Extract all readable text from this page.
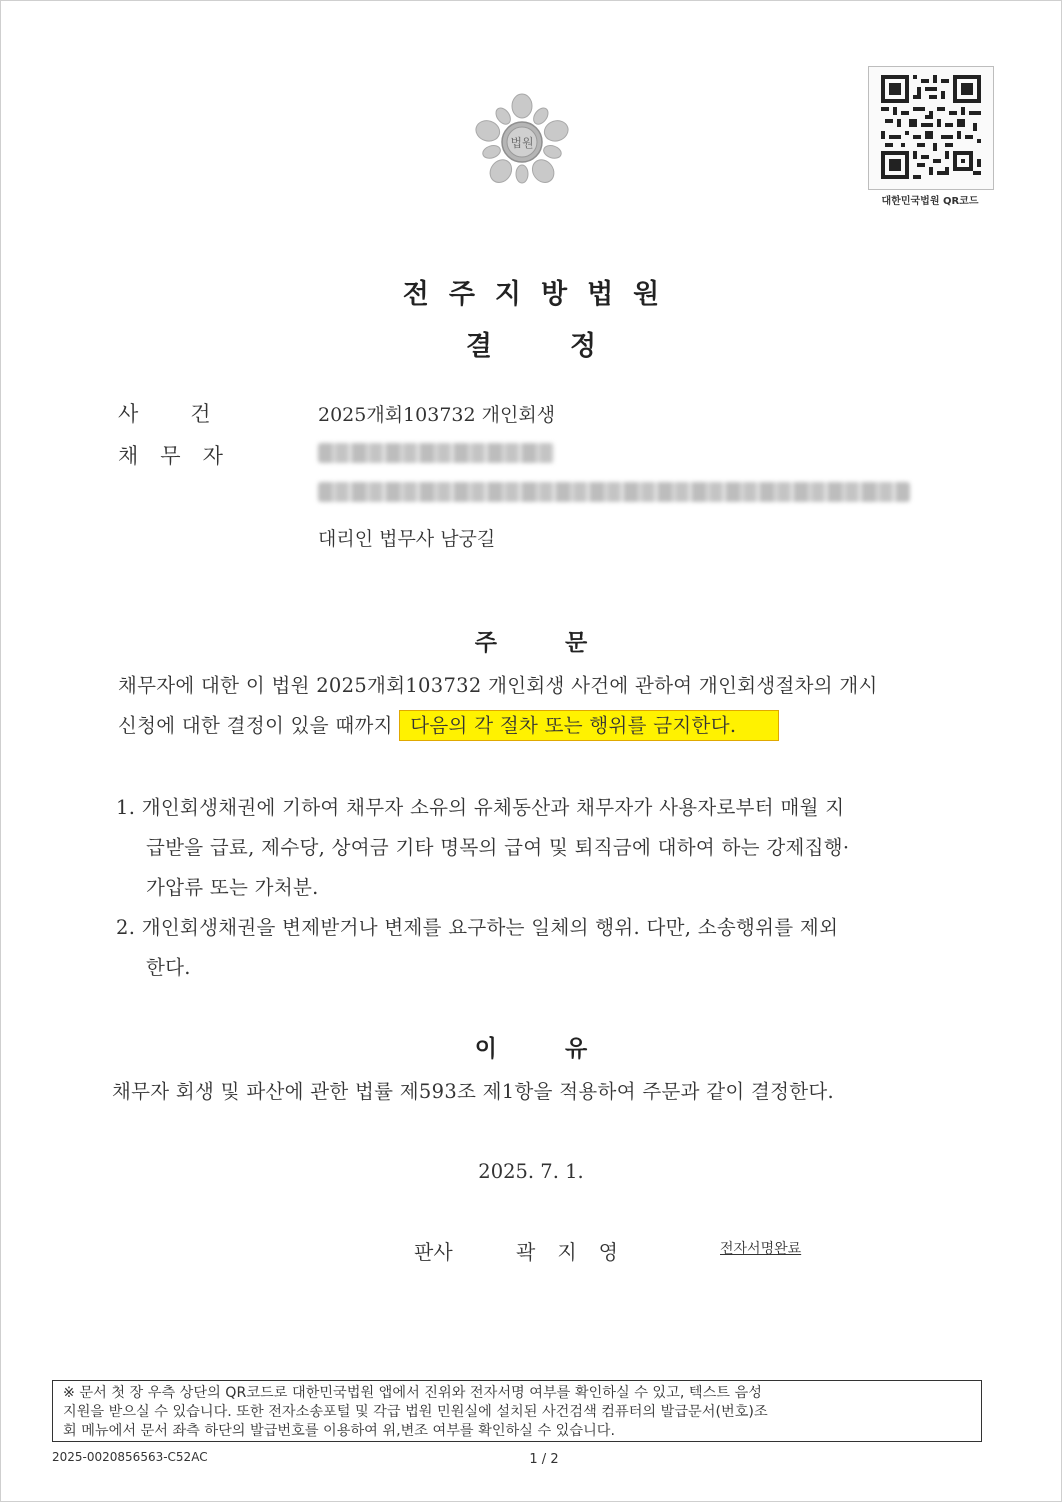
법원
대한민국법원 QR코드
전주지방법원
결정
사건	2025개회103732 개인회생
채무자
대리인 법무사 남궁길
주문
채무자에 대한 이 법원 2025개회103732 개인회생 사건에 관하여 개인회생절차의 개시
신청에 대한 결정이 있을 때까지 다음의 각 절차 또는 행위를 금지한다.
1. 개인회생채권에 기하여 채무자 소유의 유체동산과 채무자가 사용자로부터 매월 지
급받을 급료, 제수당, 상여금 기타 명목의 급여 및 퇴직금에 대하여 하는 강제집행·
가압류 또는 가처분.
2. 개인회생채권을 변제받거나 변제를 요구하는 일체의 행위. 다만, 소송행위를 제외
한다.
이유
채무자 회생 및 파산에 관한 법률 제593조 제1항을 적용하여 주문과 같이 결정한다.
2025. 7. 1.
판사	곽지영	전자서명완료
※ 문서 첫 장 우측 상단의 QR코드로 대한민국법원 앱에서 진위와 전자서명 여부를 확인하실 수 있고, 텍스트 음성
지원을 받으실 수 있습니다. 또한 전자소송포털 및 각급 법원 민원실에 설치된 사건검색 컴퓨터의 발급문서(번호)조
회 메뉴에서 문서 좌측 하단의 발급번호를 이용하여 위,변조 여부를 확인하실 수 있습니다.
2025-0020856563-C52AC	1 / 2
